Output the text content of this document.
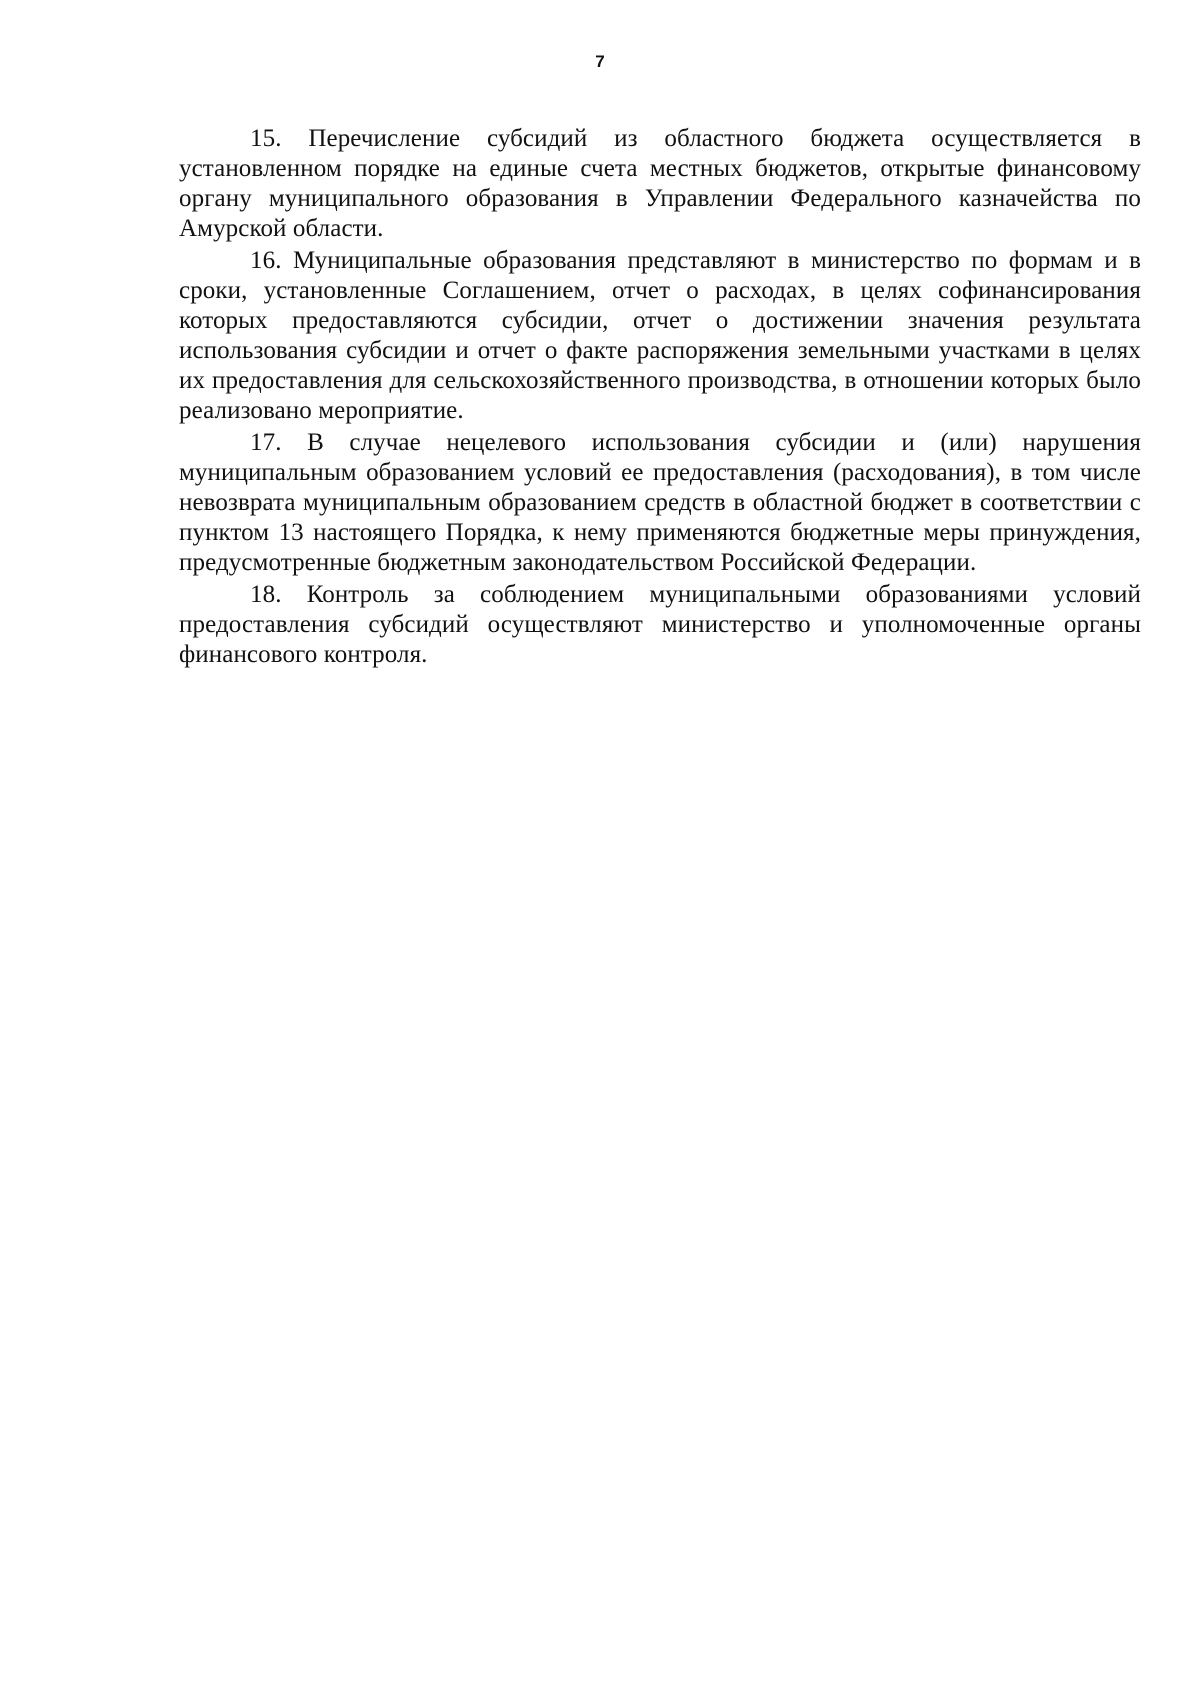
7

15. Перечисление субсидий из областного бюджета осуществляется в установленном порядке на единые счета местных бюджетов, открытые финансовому органу муниципального образования в Управлении Федерального казначейства по Амурской области.

16. Муниципальные образования представляют в министерство по формам и в сроки, установленные Соглашением, отчет о расходах, в целях софинансирования которых предоставляются субсидии, отчет о достижении значения результата использования субсидии и отчет о факте распоряжения земельными участками в целях их предоставления для сельскохозяйственного производства, в отношении которых было реализовано мероприятие.

17. В случае нецелевого использования субсидии и (или) нарушения муниципальным образованием условий ее предоставления (расходования), в том числе невозврата муниципальным образованием средств в областной бюджет в соответствии с пунктом 13 настоящего Порядка, к нему применяются бюджетные меры принуждения, предусмотренные бюджетным законодательством Российской Федерации.

18. Контроль за соблюдением муниципальными образованиями условий предоставления субсидий осуществляют министерство и уполномоченные органы финансового контроля.
